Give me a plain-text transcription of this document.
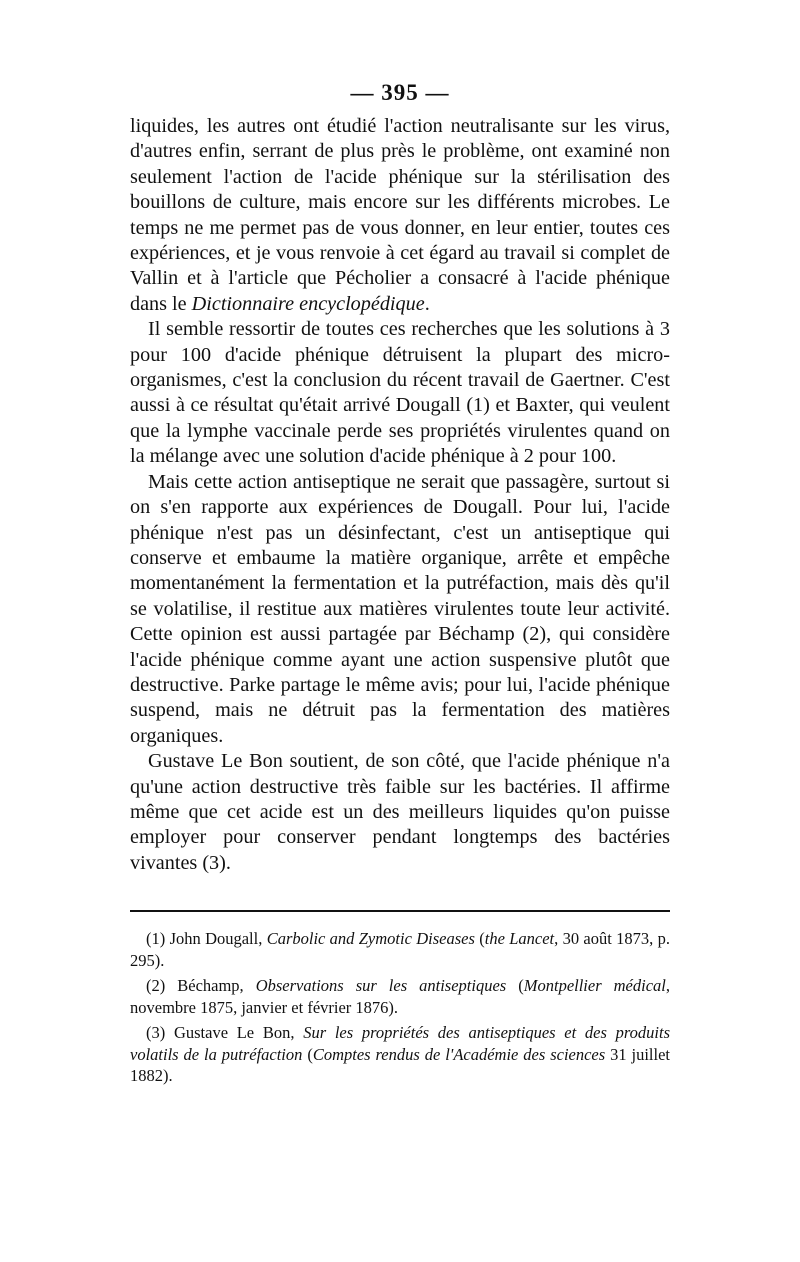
— 395 —

liquides, les autres ont étudié l'action neutralisante sur les virus, d'autres enfin, serrant de plus près le problème, ont examiné non seulement l'action de l'acide phénique sur la stérilisation des bouillons de culture, mais encore sur les différents microbes. Le temps ne me permet pas de vous donner, en leur entier, toutes ces expériences, et je vous renvoie à cet égard au travail si complet de Vallin et à l'article que Pécholier a consacré à l'acide phénique dans le Dictionnaire encyclopédique.

Il semble ressortir de toutes ces recherches que les solutions à 3 pour 100 d'acide phénique détruisent la plupart des micro-organismes, c'est la conclusion du récent travail de Gaertner. C'est aussi à ce résultat qu'était arrivé Dougall (1) et Baxter, qui veulent que la lymphe vaccinale perde ses propriétés virulentes quand on la mélange avec une solution d'acide phénique à 2 pour 100.

Mais cette action antiseptique ne serait que passagère, surtout si on s'en rapporte aux expériences de Dougall. Pour lui, l'acide phénique n'est pas un désinfectant, c'est un antiseptique qui conserve et embaume la matière organique, arrête et empêche momentanément la fermentation et la putréfaction, mais dès qu'il se volatilise, il restitue aux matières virulentes toute leur activité. Cette opinion est aussi partagée par Béchamp (2), qui considère l'acide phénique comme ayant une action suspensive plutôt que destructive. Parke partage le même avis; pour lui, l'acide phénique suspend, mais ne détruit pas la fermentation des matières organiques.

Gustave Le Bon soutient, de son côté, que l'acide phénique n'a qu'une action destructive très faible sur les bactéries. Il affirme même que cet acide est un des meilleurs liquides qu'on puisse employer pour conserver pendant longtemps des bactéries vivantes (3).

(1) John Dougall, Carbolic and Zymotic Diseases (the Lancet, 30 août 1873, p. 295).

(2) Béchamp, Observations sur les antiseptiques (Montpellier médical, novembre 1875, janvier et février 1876).

(3) Gustave Le Bon, Sur les propriétés des antiseptiques et des produits volatils de la putréfaction (Comptes rendus de l'Académie des sciences 31 juillet 1882).
